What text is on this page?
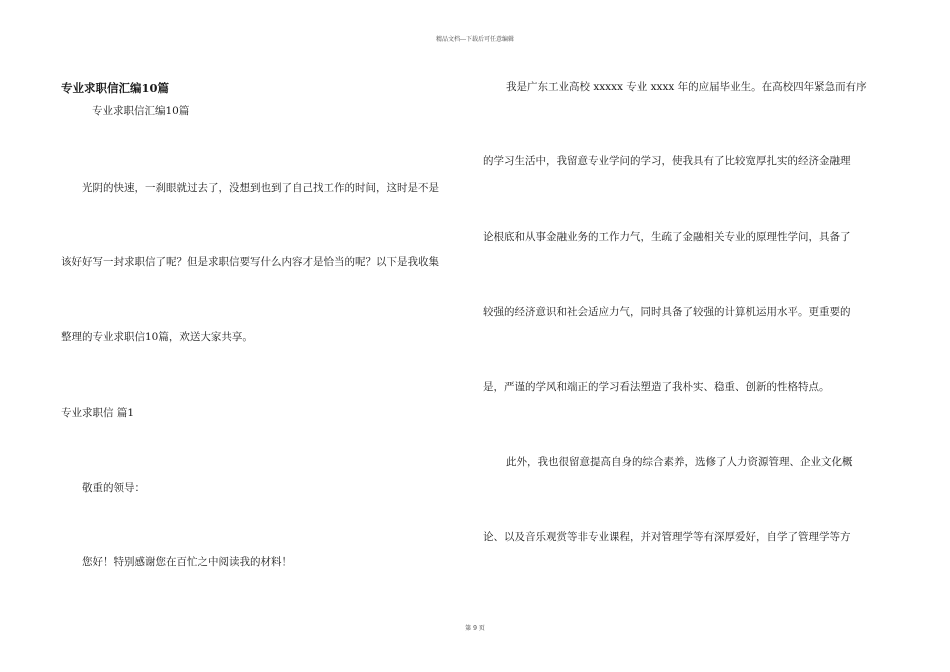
精品文档---下载后可任意编辑
专业求职信汇编10篇
专业求职信汇编10篇
光阴的快速，一刹眼就过去了，没想到也到了自己找工作的时间，这时是不是
该好好写一封求职信了呢？但是求职信要写什么内容才是恰当的呢？以下是我收集
整理的专业求职信10篇，欢送大家共享。
专业求职信 篇1
敬重的领导：
您好！特别感谢您在百忙之中阅读我的材料！
我是广东工业高校 xxxxx 专业 xxxx 年的应届毕业生。在高校四年紧急而有序
的学习生活中，我留意专业学问的学习，使我具有了比较宽厚扎实的经济金融理
论根底和从事金融业务的工作力气，生疏了金融相关专业的原理性学问，具备了
较强的经济意识和社会适应力气，同时具备了较强的计算机运用水平。更重要的
是，严谨的学风和端正的学习看法塑造了我朴实、稳重、创新的性格特点。
此外，我也很留意提高自身的综合素养，选修了人力资源管理、企业文化概
论、以及音乐观赏等非专业课程，并对管理学等有深厚爱好，自学了管理学等方
第 9 页
